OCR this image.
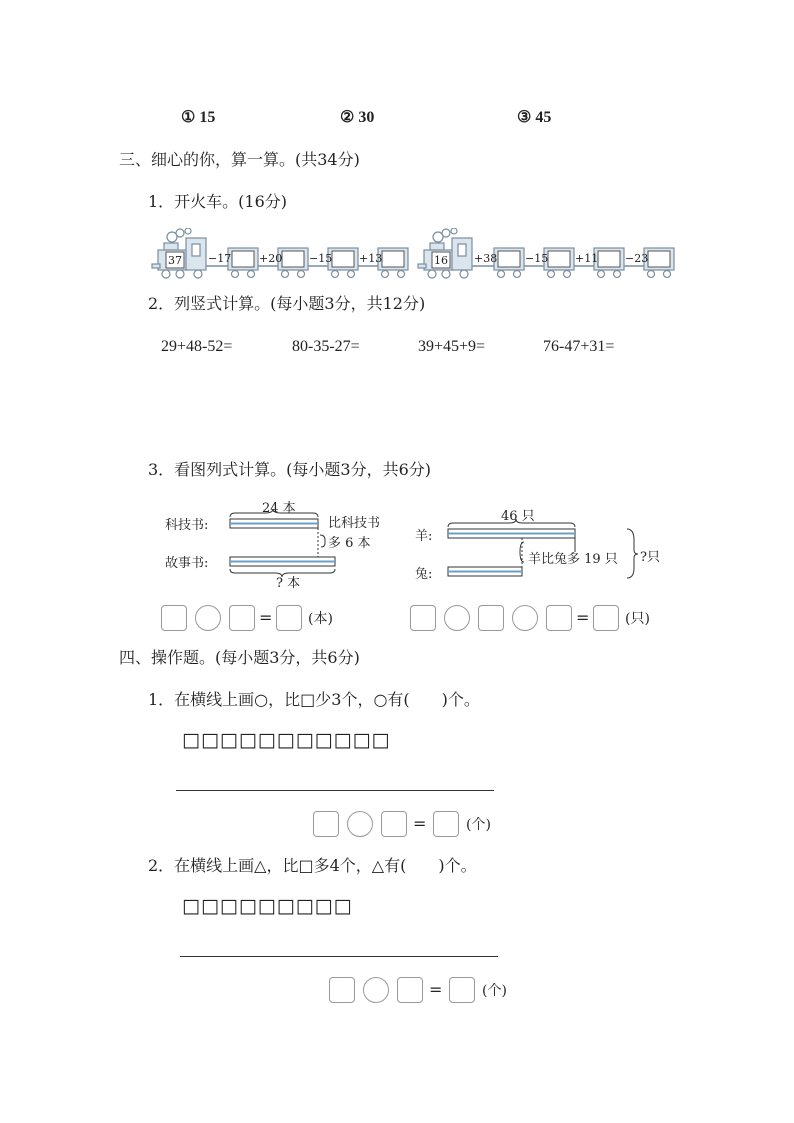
① 15	② 30	③ 45
三、细心的你，算一算。(共34分)
1．开火车。(16分)
37 −17	+20 −15 +13	16 +38	−15 +11 −23
2．列竖式计算。(每小题3分，共12分)
29+48-52=	80-35-27=	39+45+9=	76-47+31=
3．看图列式计算。(每小题3分，共6分)
科技书:
故事书:
24 本
比科技书
多 6 本
? 本
羊:
兔:
46 只
羊比兔多 19 只 ?只
=	(本)	=	(只)
四、操作题。(每小题3分，共6分)
1．在横线上画○，比□少3个，○有(　　)个。
□□□□□□□□□□□
=	(个)
2．在横线上画△，比□多4个，△有(　　)个。
□□□□□□□□□
=	(个)
